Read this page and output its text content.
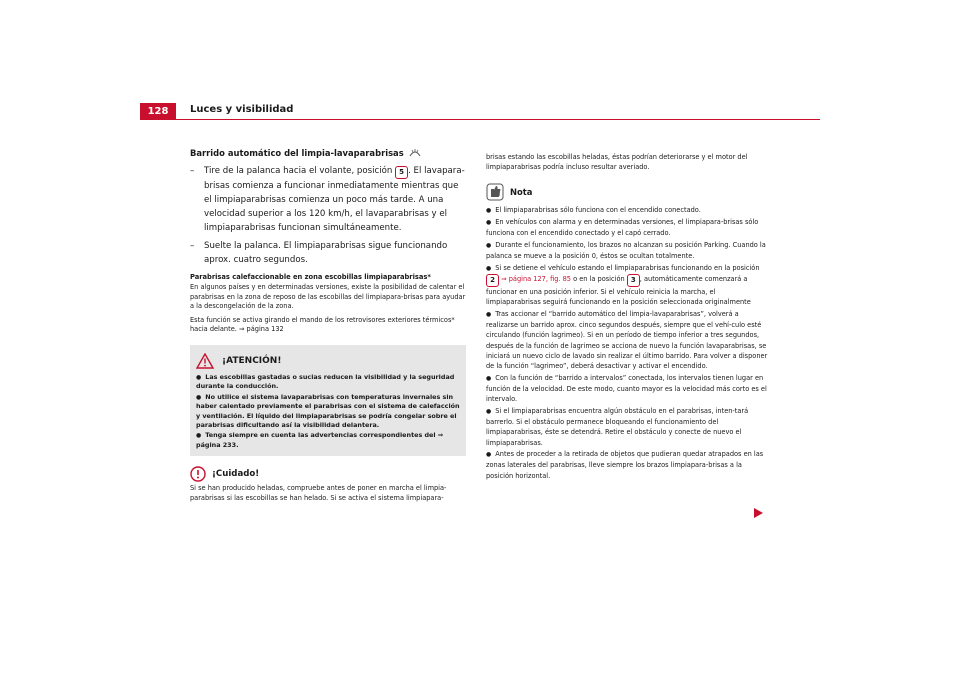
128	Luces y visibilidad
Barrido automático del limpia-lavaparabrisas
–	Tire de la palanca hacia el volante, posición 5 . El lavapara-brisas comienza a funcionar inmediatamente mientras que el limpiaparabrisas comienza un poco más tarde. A una velocidad superior a los 120 km/h, el lavaparabrisas y el limpiaparabrisas funcionan simultáneamente.
–	Suelte la palanca. El limpiaparabrisas sigue funcionando aprox. cuatro segundos.

Parabrisas calefaccionable en zona escobillas limpiaparabrisas*

En algunos países y en determinadas versiones, existe la posibilidad de calentar el parabrisas en la zona de reposo de las escobillas del limpiapara-brisas para ayudar a la descongelación de la zona.

Esta función se activa girando el mando de los retrovisores exteriores térmicos* hacia delante. ⇒ página 132

¡ATENCIÓN!

● Las escobillas gastadas o sucias reducen la visibilidad y la seguridad durante la conducción.

● No utilice el sistema lavaparabrisas con temperaturas invernales sin haber calentado previamente el parabrisas con el sistema de calefacción y ventilación. El líquido del limpiaparabrisas se podría congelar sobre el parabrisas dificultando así la visibilidad delantera.

● Tenga siempre en cuenta las advertencias correspondientes del ⇒ página 233.

¡Cuidado!

Si se han producido heladas, compruebe antes de poner en marcha el limpia-parabrisas si las escobillas se han helado. Si se activa el sistema limpiapara-

brisas estando las escobillas heladas, éstas podrían deteriorarse y el motor del limpiaparabrisas podría incluso resultar averiado.

Nota

● El limpiaparabrisas sólo funciona con el encendido conectado.

● En vehículos con alarma y en determinadas versiones, el limpiapara-brisas sólo funciona con el encendido conectado y el capó cerrado.

● Durante el funcionamiento, los brazos no alcanzan su posición Parking. Cuando la palanca se mueve a la posición 0, éstos se ocultan totalmente.

● Si se detiene el vehículo estando el limpiaparabrisas funcionando en la posición 2 ⇒ página 127, fig. 85 o en la posición 3 , automáticamente comenzará a funcionar en una posición inferior. Si el vehículo reinicia la marcha, el limpiaparabrisas seguirá funcionando en la posición seleccionada originalmente

● Tras accionar el “barrido automático del limpia-lavaparabrisas”, volverá a realizarse un barrido aprox. cinco segundos después, siempre que el vehí-culo esté circulando (función lagrimeo). Si en un período de tiempo inferior a tres segundos, después de la función de lagrimeo se acciona de nuevo la función lavaparabrisas, se iniciará un nuevo ciclo de lavado sin realizar el último barrido. Para volver a disponer de la función “lagrimeo”, deberá desactivar y activar el encendido.

● Con la función de “barrido a intervalos” conectada, los intervalos tienen lugar en función de la velocidad. De este modo, cuanto mayor es la velocidad más corto es el intervalo.

● Si el limpiaparabrisas encuentra algún obstáculo en el parabrisas, inten-tará barrerlo. Si el obstáculo permanece bloqueando el funcionamiento del limpiaparabrisas, éste se detendrá. Retire el obstáculo y conecte de nuevo el limpiaparabrisas.

● Antes de proceder a la retirada de objetos que pudieran quedar atrapados en las zonas laterales del parabrisas, lleve siempre los brazos limpiapara-brisas a la posición horizontal.
